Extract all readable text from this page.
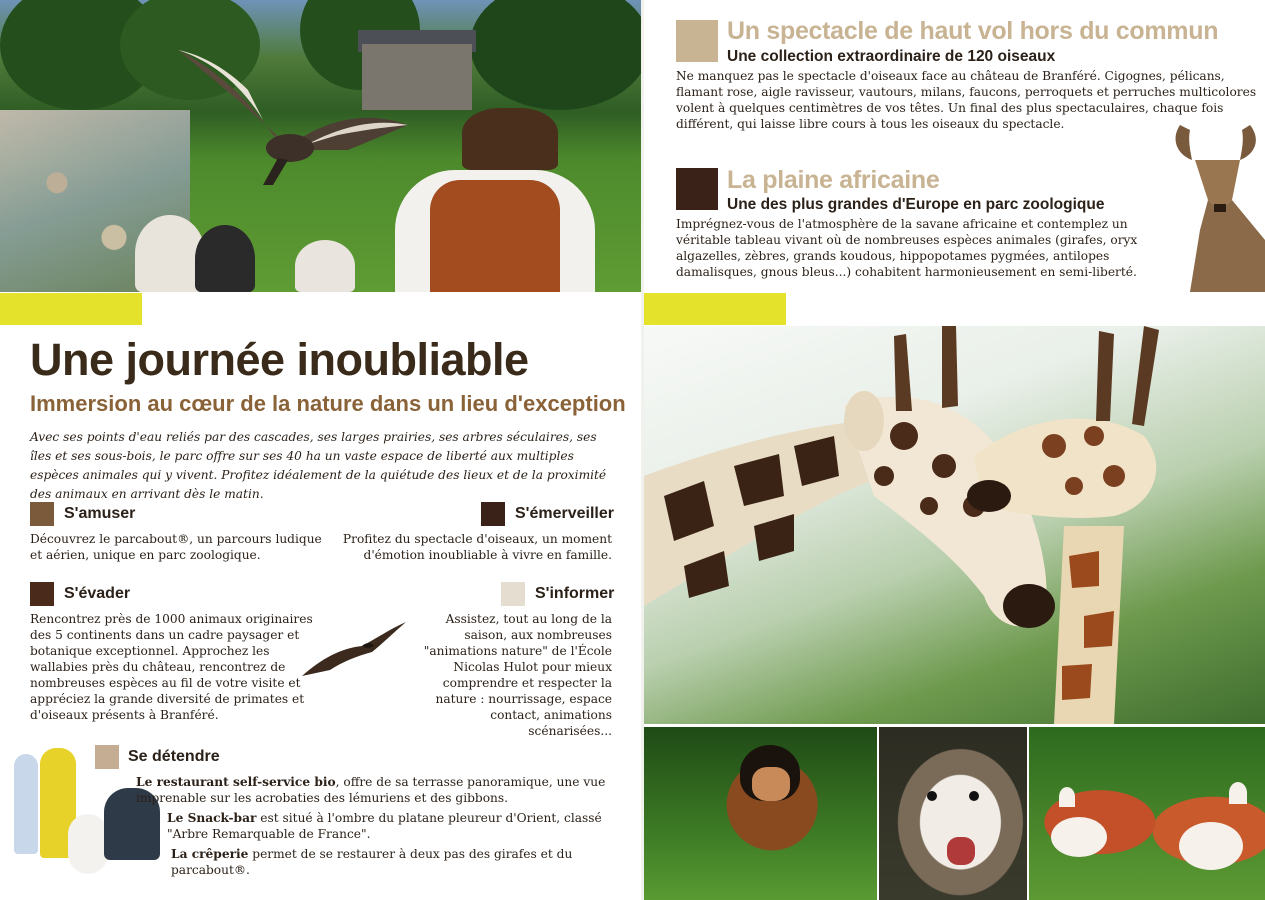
Une journée inoubliable
Immersion au cœur de la nature dans un lieu d'exception

Avec ses points d'eau reliés par des cascades, ses larges prairies, ses arbres séculaires, ses îles et ses sous-bois, le parc offre sur ses 40 ha un vaste espace de liberté aux multiples espèces animales qui y vivent. Profitez idéalement de la quiétude des lieux et de la proximité des animaux en arrivant dès le matin.

S'amuser

Découvrez le parcabout®, un parcours ludique et aérien, unique en parc zoologique.

S'émerveiller

Profitez du spectacle d'oiseaux, un moment d'émotion inoubliable à vivre en famille.

S'évader

Rencontrez près de 1000 animaux originaires des 5 continents dans un cadre paysager et botanique exceptionnel. Approchez les wallabies près du château, rencontrez de nombreuses espèces au fil de votre visite et appréciez la grande diversité de primates et d'oiseaux présents à Branféré.

S'informer

Assistez, tout au long de la saison, aux nombreuses "animations nature" de l'École Nicolas Hulot pour mieux comprendre et respecter la nature : nourrissage, espace contact, animations scénarisées...

Se détendre

Le restaurant self-service bio, offre de sa terrasse panoramique, une vue imprenable sur les acrobaties des lémuriens et des gibbons.

Le Snack-bar est situé à l'ombre du platane pleureur d'Orient, classé "Arbre Remarquable de France".

La crêperie permet de se restaurer à deux pas des girafes et du parcabout®.

Un spectacle de haut vol hors du commun
Une collection extraordinaire de 120 oiseaux

Ne manquez pas le spectacle d'oiseaux face au château de Branféré. Cigognes, pélicans, flamant rose, aigle ravisseur, vautours, milans, faucons, perroquets et perruches multicolores volent à quelques centimètres de vos têtes. Un final des plus spectaculaires, chaque fois différent, qui laisse libre cours à tous les oiseaux du spectacle.

La plaine africaine
Une des plus grandes d'Europe en parc zoologique

Imprégnez-vous de l'atmosphère de la savane africaine et contemplez un véritable tableau vivant où de nombreuses espèces animales (girafes, oryx algazelles, zèbres, grands koudous, hippopotames pygmées, antilopes damalisques, gnous bleus...) cohabitent harmonieusement en semi-liberté.
